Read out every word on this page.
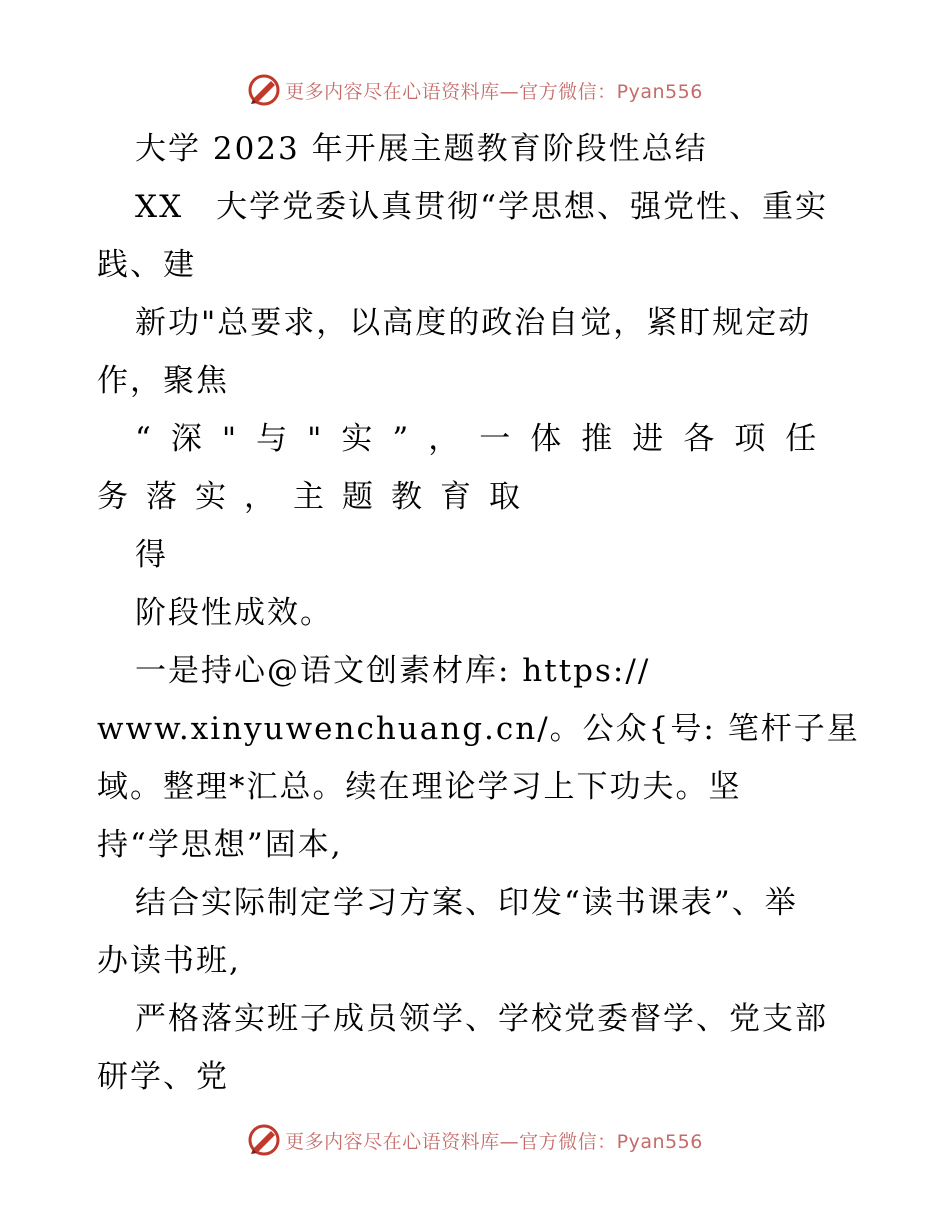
更多内容尽在心语资料库—官方微信：Pyan556
大学 2023 年开展主题教育阶段性总结
XX　大学党委认真贯彻“学思想、强党性、重实
践、建
新功"总要求，以高度的政治自觉，紧盯规定动
作，聚焦
“深"与"实”，一体推进各项任
务落实，主题教育取
得
阶段性成效。
一是持心@语文创素材库: https://
www.xinyuwenchuang.cn/。公众{号: 笔杆子星
域。整理*汇总。续在理论学习上下功夫。坚
持“学思想”固本,
结合实际制定学习方案、印发“读书课表”、举
办读书班,
严格落实班子成员领学、学校党委督学、党支部
研学、党
更多内容尽在心语资料库—官方微信：Pyan556
